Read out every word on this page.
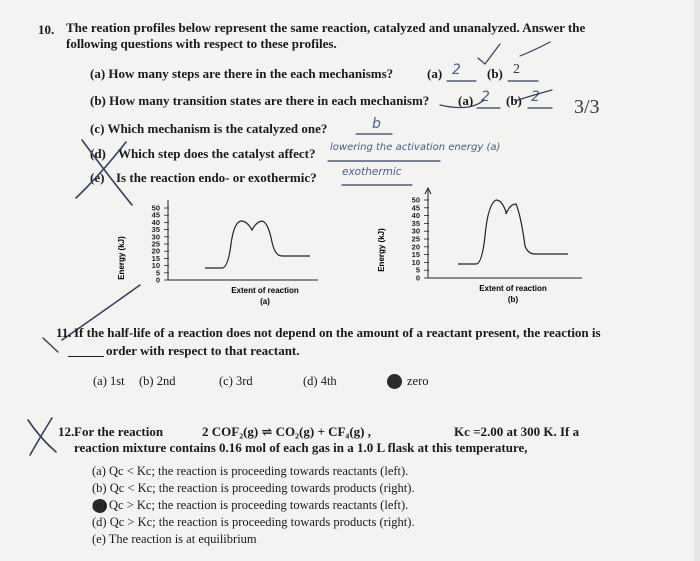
10. The reation profiles below represent the same reaction, catalyzed and unanalyzed. Answer the
following questions with respect to these profiles.
(a) How many steps are there in the each mechanisms?	(a) 2 (b) 2
(b) How many transition states are there in each mechanism? (a) 2 (b) 2 3/3
(c) Which mechanism is the catalyzed one?	b
(d) Which step does the catalyst affect? lowering the activation energy (a)
(e) Is the reaction endo- or exothermic? exothermic
Energy (kJ)
50
45
40
35
30
25
20
15
10
5
0
Extent of reaction
(a)
Energy (kJ)
50
45
40
35
30
25
20
15
10
5
0
Extent of reaction
(b)
11. If the half-life of a reaction does not depend on the amount of a reactant present, the reaction is
order with respect to that reactant.
(a) 1st (b) 2nd	(c) 3rd	(d) 4th	zero
12. For the reaction	2 COF₂(g) ⇌ CO₂(g) + CF₄(g) ,	Kc =2.00 at 300 K. If a
reaction mixture contains 0.16 mol of each gas in a 1.0 L flask at this temperature,
(a) Qc < Kc; the reaction is proceeding towards reactants (left).
(b) Qc < Kc; the reaction is proceeding towards products (right).
(c) Qc > Kc; the reaction is proceeding towards reactants (left).
(d) Qc > Kc; the reaction is proceeding towards products (right).
(e) The reaction is at equilibrium
